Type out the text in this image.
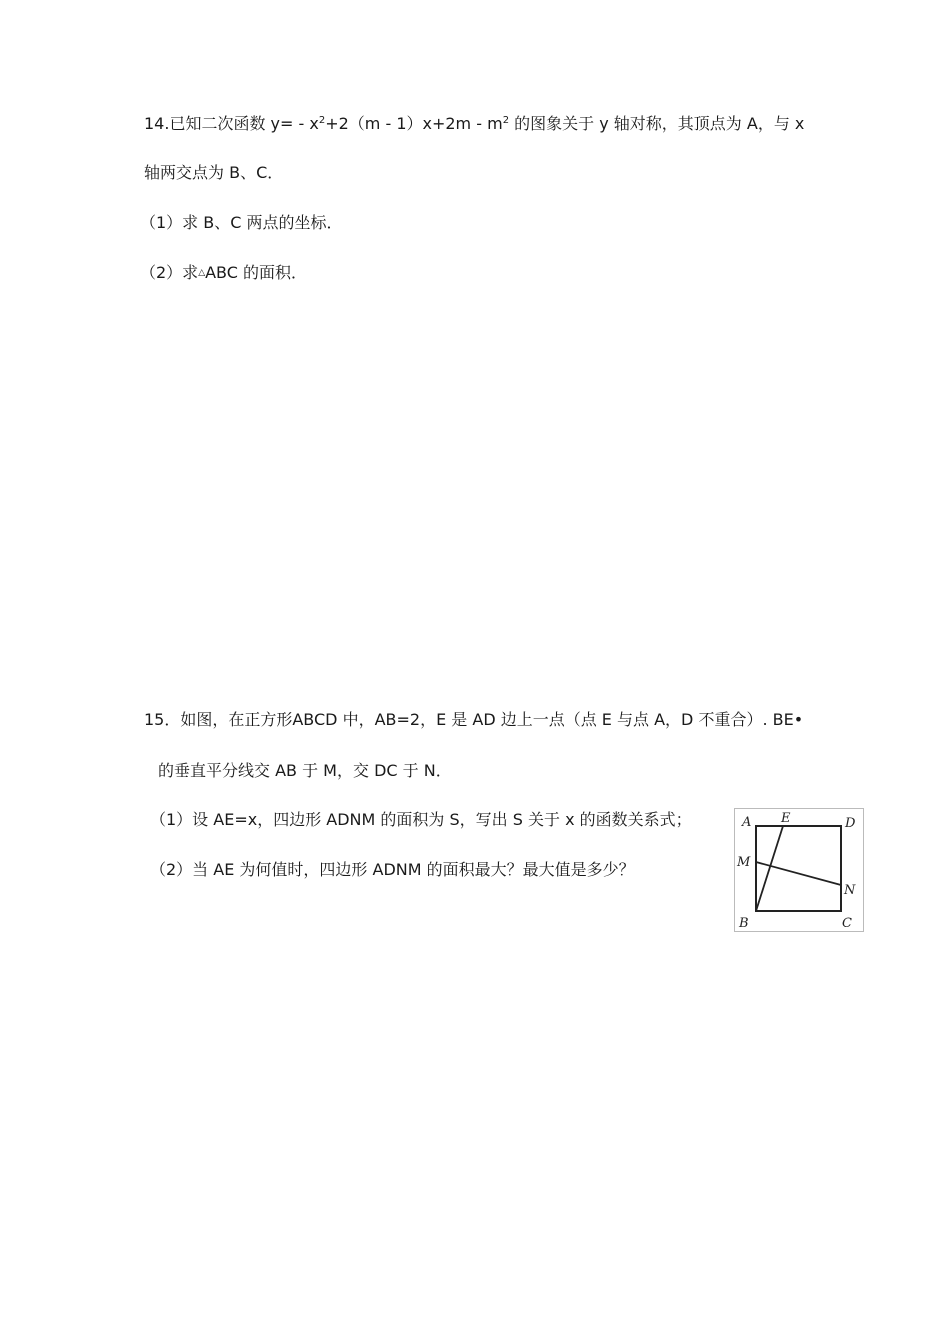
14.已知二次函数 $y= - x^2+2(m - 1)x+2m - m^2$ 的图象关于 y 轴对称，其顶点为 A，与 x
轴两交点为 B、C．
（1）求 B、C 两点的坐标．
（2）求△ABC 的面积．
15．如图，在正方形ABCD 中，AB=2，E 是 AD 边上一点（点 E 与点 A，D 不重合）. BE•
的垂直平分线交 AB 于 M，交 DC 于 N．
（1）设 AE=x，四边形 ADNM 的面积为 S，写出 S 关于 x 的函数关系式；
（2）当 AE 为何值时，四边形 ADNM 的面积最大？最大值是多少？
A E	D
M
N
B	C
